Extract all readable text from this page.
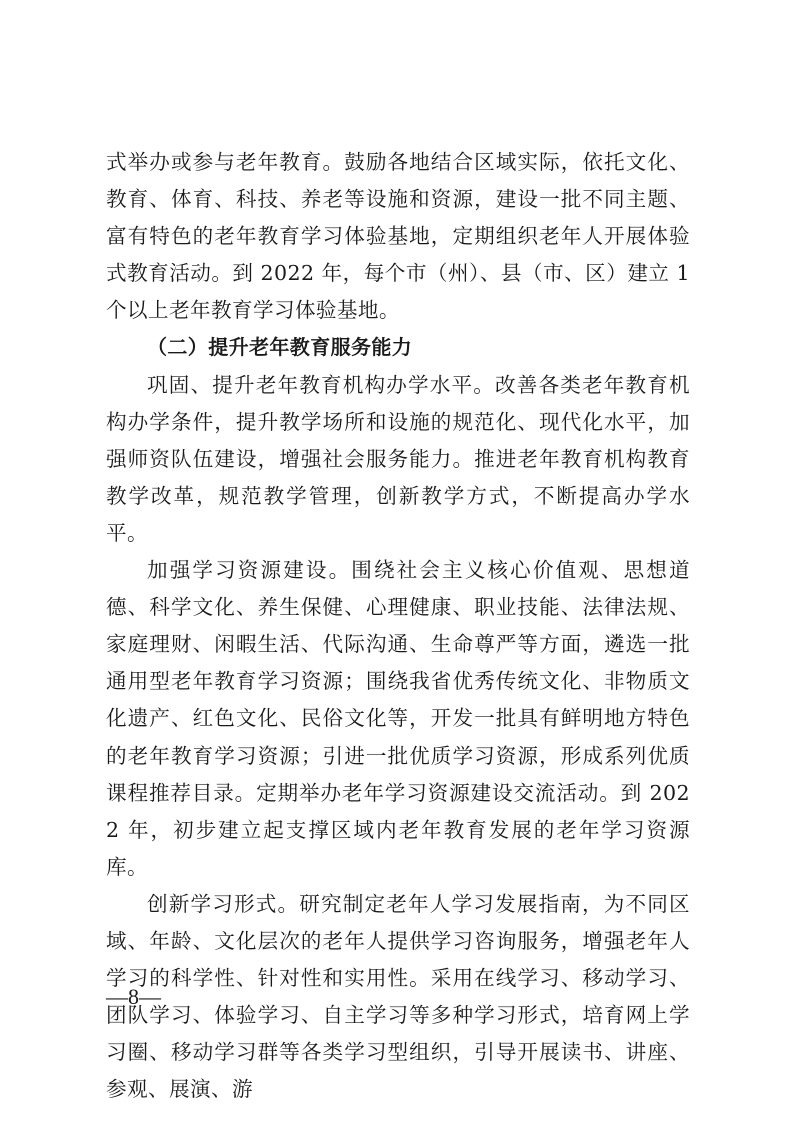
式举办或参与老年教育。鼓励各地结合区域实际，依托文化、教育、体育、科技、养老等设施和资源，建设一批不同主题、富有特色的老年教育学习体验基地，定期组织老年人开展体验式教育活动。到 2022 年，每个市（州）、县（市、区）建立 1 个以上老年教育学习体验基地。

（二）提升老年教育服务能力

巩固、提升老年教育机构办学水平。改善各类老年教育机构办学条件，提升教学场所和设施的规范化、现代化水平，加强师资队伍建设，增强社会服务能力。推进老年教育机构教育教学改革，规范教学管理，创新教学方式，不断提高办学水平。

加强学习资源建设。围绕社会主义核心价值观、思想道德、科学文化、养生保健、心理健康、职业技能、法律法规、家庭理财、闲暇生活、代际沟通、生命尊严等方面，遴选一批通用型老年教育学习资源；围绕我省优秀传统文化、非物质文化遗产、红色文化、民俗文化等，开发一批具有鲜明地方特色的老年教育学习资源；引进一批优质学习资源，形成系列优质课程推荐目录。定期举办老年学习资源建设交流活动。到 2022 年，初步建立起支撑区域内老年教育发展的老年学习资源库。

创新学习形式。研究制定老年人学习发展指南，为不同区域、年龄、文化层次的老年人提供学习咨询服务，增强老年人学习的科学性、针对性和实用性。采用在线学习、移动学习、团队学习、体验学习、自主学习等多种学习形式，培育网上学习圈、移动学习群等各类学习型组织，引导开展读书、讲座、参观、展演、游

—8—
